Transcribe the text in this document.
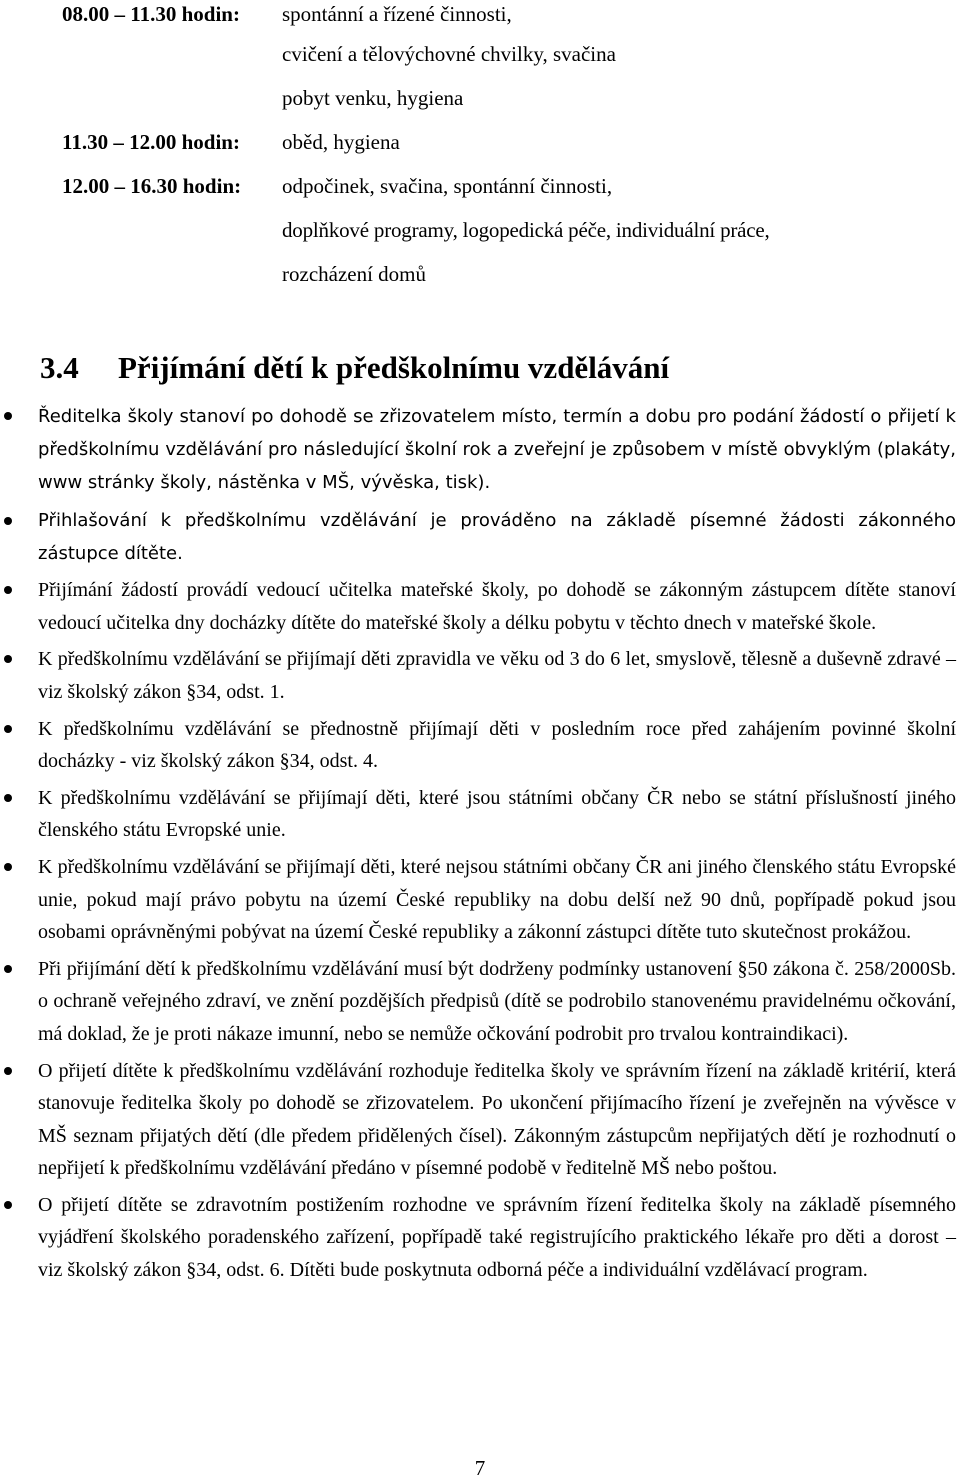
08.00 – 11.30 hodin:	spontánní a řízené činnosti,
cvičení a tělovýchovné chvilky, svačina
pobyt venku, hygiena
11.30 – 12.00 hodin:	oběd, hygiena
12.00 – 16.30 hodin:	odpočinek, svačina, spontánní činnosti,
doplňkové programy, logopedická péče, individuální práce,
rozcházení domů
3.4 Přijímání dětí k předškolnímu vzdělávání

Ředitelka školy stanoví po dohodě se zřizovatelem místo, termín a dobu pro podání žádostí o přijetí k předškolnímu vzdělávání pro následující školní rok a zveřejní je způsobem v místě obvyklým (plakáty, www stránky školy, nástěnka v MŠ, vývěska, tisk).

Přihlašování k předškolnímu vzdělávání je prováděno na základě písemné žádosti zákonného zástupce dítěte.

Přijímání žádostí provádí vedoucí učitelka mateřské školy, po dohodě se zákonným zástupcem dítěte stanoví vedoucí učitelka dny docházky dítěte do mateřské školy a délku pobytu v těchto dnech v mateřské škole.

K předškolnímu vzdělávání se přijímají děti zpravidla ve věku od 3 do 6 let, smyslově, tělesně a duševně zdravé – viz školský zákon §34, odst. 1.

K předškolnímu vzdělávání se přednostně přijímají děti v posledním roce před zahájením povinné školní docházky - viz školský zákon §34, odst. 4.

K předškolnímu vzdělávání se přijímají děti, které jsou státními občany ČR nebo se státní příslušností jiného členského státu Evropské unie.

K předškolnímu vzdělávání se přijímají děti, které nejsou státními občany ČR ani jiného členského státu Evropské unie, pokud mají právo pobytu na území České republiky na dobu delší než 90 dnů, popřípadě pokud jsou osobami oprávněnými pobývat na území České republiky a zákonní zástupci dítěte tuto skutečnost prokážou.

Při přijímání dětí k předškolnímu vzdělávání musí být dodrženy podmínky ustanovení §50 zákona č. 258/2000Sb. o ochraně veřejného zdraví, ve znění pozdějších předpisů (dítě se podrobilo stanovenému pravidelnému očkování, má doklad, že je proti nákaze imunní, nebo se nemůže očkování podrobit pro trvalou kontraindikaci).

O přijetí dítěte k předškolnímu vzdělávání rozhoduje ředitelka školy ve správním řízení na základě kritérií, která stanovuje ředitelka školy po dohodě se zřizovatelem. Po ukončení přijímacího řízení je zveřejněn na vývěsce v MŠ seznam přijatých dětí (dle předem přidělených čísel). Zákonným zástupcům nepřijatých dětí je rozhodnutí o nepřijetí k předškolnímu vzdělávání předáno v písemné podobě v ředitelně MŠ nebo poštou.

O přijetí dítěte se zdravotním postižením rozhodne ve správním řízení ředitelka školy na základě písemného vyjádření školského poradenského zařízení, popřípadě také registrujícího praktického lékaře pro děti a dorost – viz školský zákon §34, odst. 6. Dítěti bude poskytnuta odborná péče a individuální vzdělávací program.

7
